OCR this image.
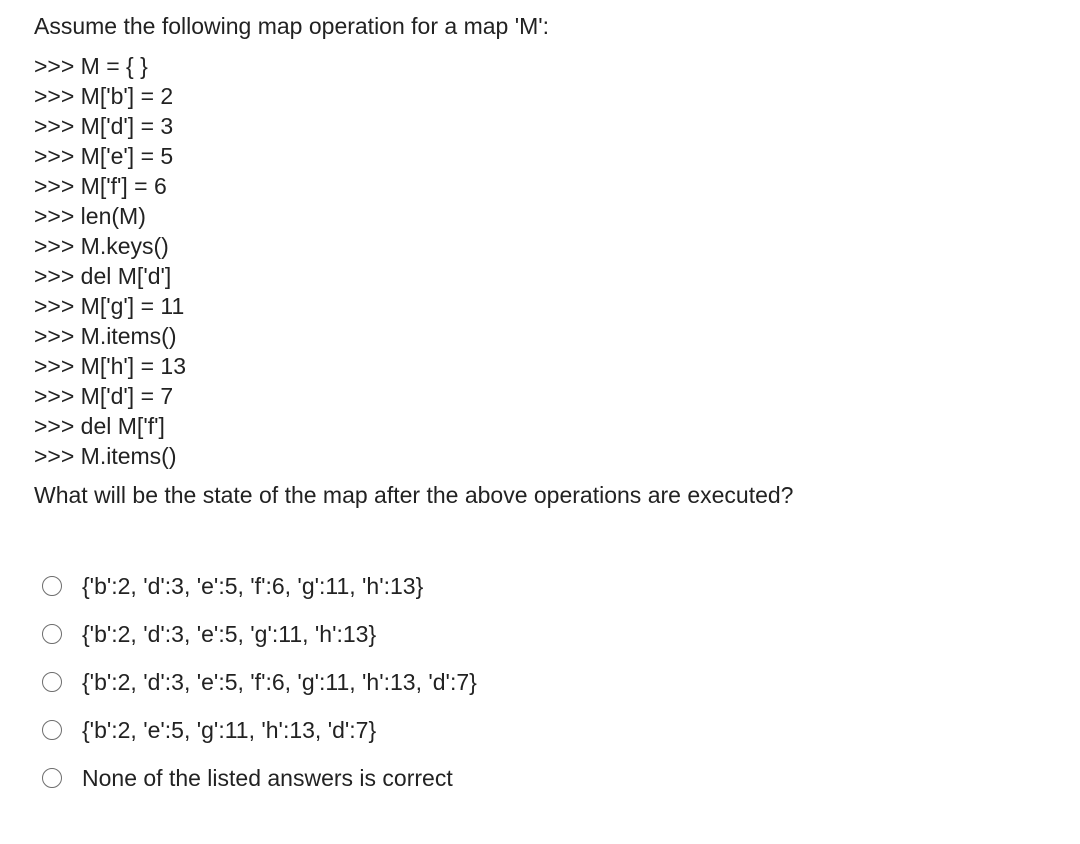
Assume the following map operation for a map 'M':
>>> M = { }
>>> M['b'] = 2
>>> M['d'] = 3
>>> M['e'] = 5
>>> M['f'] = 6
>>> len(M)
>>> M.keys()
>>> del M['d']
>>> M['g'] = 11
>>> M.items()
>>> M['h'] = 13
>>> M['d'] = 7
>>> del M['f']
>>> M.items()
What will be the state of the map after the above operations are executed?
{'b':2, 'd':3, 'e':5, 'f':6, 'g':11, 'h':13}
{'b':2, 'd':3, 'e':5, 'g':11, 'h':13}
{'b':2, 'd':3, 'e':5, 'f':6, 'g':11, 'h':13, 'd':7}
{'b':2, 'e':5, 'g':11, 'h':13, 'd':7}
None of the listed answers is correct
